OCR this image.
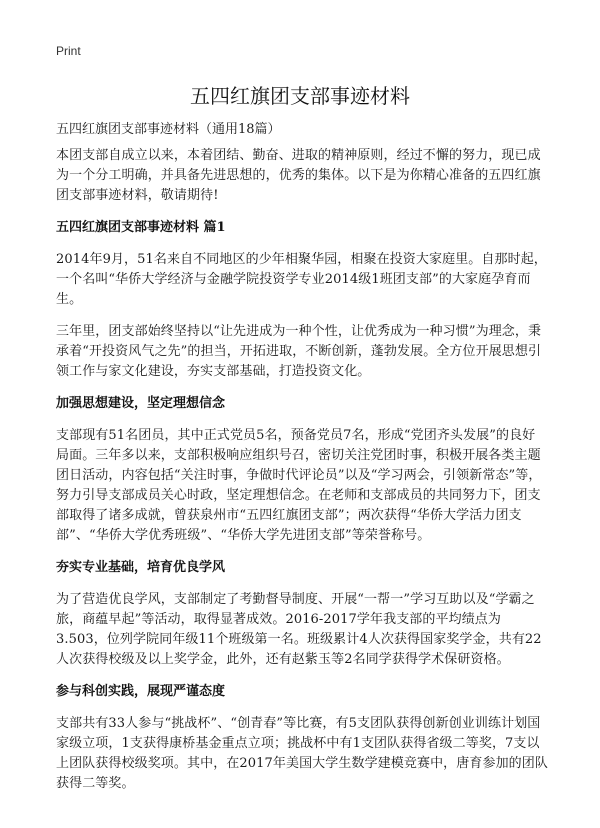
Print
五四红旗团支部事迹材料

五四红旗团支部事迹材料（通用18篇）

本团支部自成立以来，本着团结、勤奋、进取的精神原则，经过不懈的努力，现已成为一个分工明确，并具备先进思想的，优秀的集体。以下是为你精心准备的五四红旗团支部事迹材料，敬请期待!

五四红旗团支部事迹材料 篇1

2014年9月，51名来自不同地区的少年相聚华园，相聚在投资大家庭里。自那时起，一个名叫“华侨大学经济与金融学院投资学专业2014级1班团支部”的大家庭孕育而生。

三年里，团支部始终坚持以“让先进成为一种个性，让优秀成为一种习惯”为理念，秉承着“开投资风气之先”的担当，开拓进取，不断创新，蓬勃发展。全方位开展思想引领工作与家文化建设，夯实支部基础，打造投资文化。

加强思想建设，坚定理想信念

支部现有51名团员，其中正式党员5名，预备党员7名，形成“党团齐头发展”的良好局面。三年多以来，支部积极响应组织号召，密切关注党团时事，积极开展各类主题团日活动，内容包括“关注时事，争做时代评论员”以及“学习两会，引领新常态”等，努力引导支部成员关心时政，坚定理想信念。在老师和支部成员的共同努力下，团支部取得了诸多成就，曾获泉州市“五四红旗团支部”；两次获得“华侨大学活力团支部”、“华侨大学优秀班级”、“华侨大学先进团支部”等荣誉称号。

夯实专业基础，培育优良学风

为了营造优良学风，支部制定了考勤督导制度、开展“一帮一”学习互助以及“学霸之旅，商蕴早起”等活动，取得显著成效。2016-2017学年我支部的平均绩点为3.503，位列学院同年级11个班级第一名。班级累计4人次获得国家奖学金，共有22人次获得校级及以上奖学金，此外，还有赵紫玉等2名同学获得学术保研资格。

参与科创实践，展现严谨态度

支部共有33人参与“挑战杯”、“创青春”等比赛，有5支团队获得创新创业训练计划国家级立项，1支获得康桥基金重点立项；挑战杯中有1支团队获得省级二等奖，7支以上团队获得校级奖项。其中，在2017年美国大学生数学建模竞赛中，唐育参加的团队获得二等奖。
